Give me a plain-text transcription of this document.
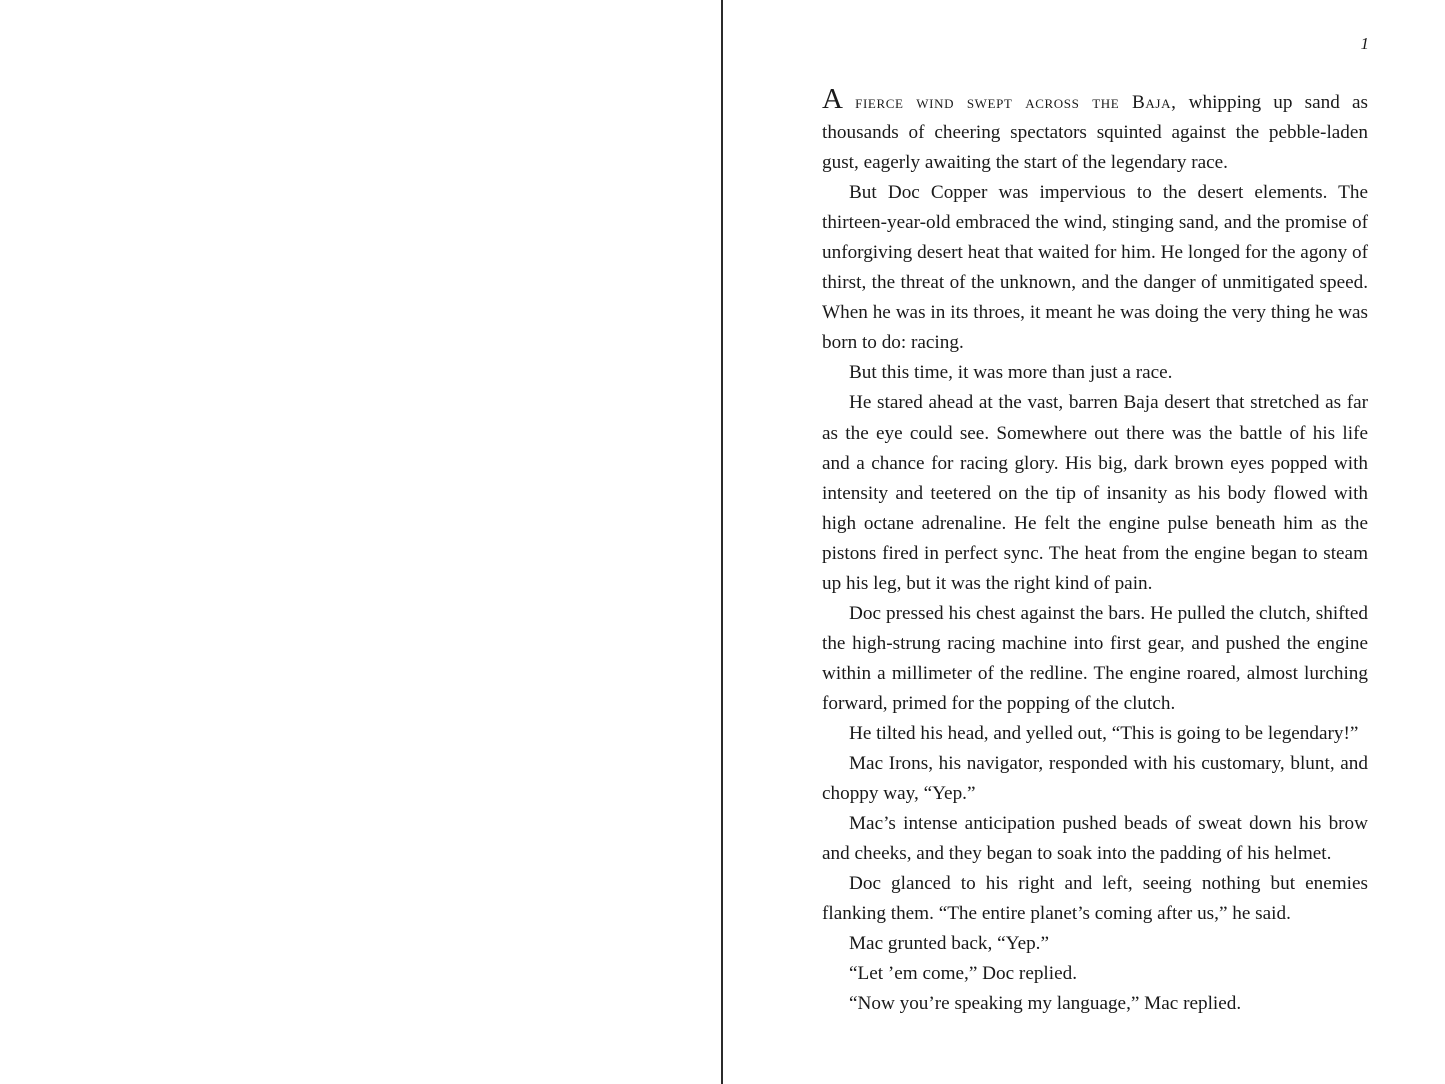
1

A fierce wind swept across the Baja, whipping up sand as thousands of cheering spectators squinted against the pebble-laden gust, eagerly awaiting the start of the legendary race.

But Doc Copper was impervious to the desert elements. The thirteen-year-old embraced the wind, stinging sand, and the promise of unforgiving desert heat that waited for him. He longed for the agony of thirst, the threat of the unknown, and the danger of unmitigated speed. When he was in its throes, it meant he was doing the very thing he was born to do: racing.

But this time, it was more than just a race.

He stared ahead at the vast, barren Baja desert that stretched as far as the eye could see. Somewhere out there was the battle of his life and a chance for racing glory. His big, dark brown eyes popped with intensity and teetered on the tip of insanity as his body flowed with high octane adrenaline. He felt the engine pulse beneath him as the pistons fired in perfect sync. The heat from the engine began to steam up his leg, but it was the right kind of pain.

Doc pressed his chest against the bars. He pulled the clutch, shifted the high-strung racing machine into first gear, and pushed the engine within a millimeter of the redline. The engine roared, almost lurching forward, primed for the popping of the clutch.

He tilted his head, and yelled out, “This is going to be legendary!”

Mac Irons, his navigator, responded with his customary, blunt, and choppy way, “Yep.”

Mac’s intense anticipation pushed beads of sweat down his brow and cheeks, and they began to soak into the padding of his helmet.

Doc glanced to his right and left, seeing nothing but enemies flanking them. “The entire planet’s coming after us,” he said.

Mac grunted back, “Yep.”

“Let ’em come,” Doc replied.

“Now you’re speaking my language,” Mac replied.
